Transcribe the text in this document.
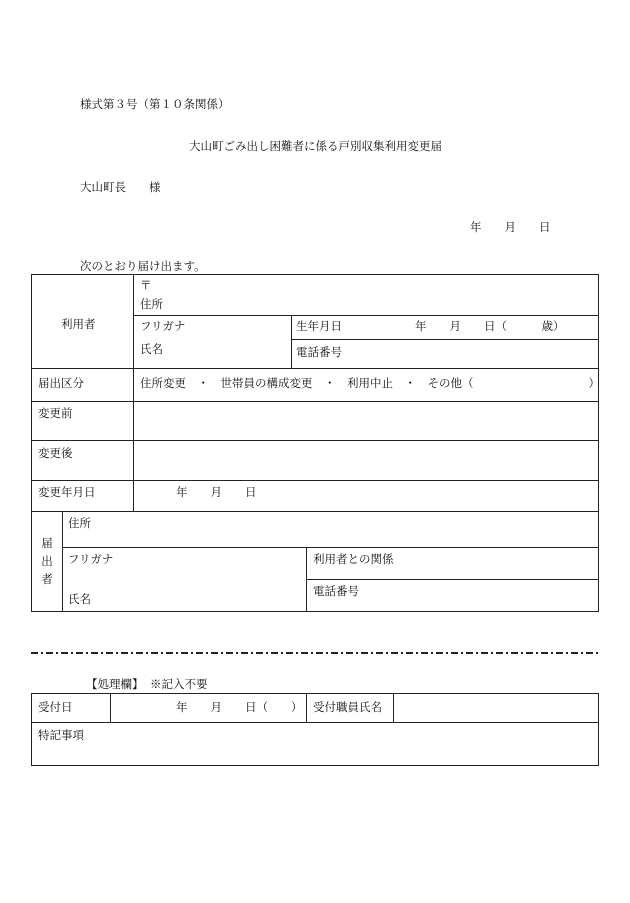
様式第３号（第１０条関係）
大山町ごみ出し困難者に係る戸別収集利用変更届
大山町長　　様
年　　月　　日
次のとおり届け出ます。
利用者
〒
住所
フリガナ
氏名
生年月日	年　　月　　日（　　　歳）
電話番号
届出区分	住所変更　・　世帯員の構成変更　・　利用中止　・　その他（　　　　　　　　　　）
変更前
変更後
変更年月日	年　　月　　日
届出者
住所
フリガナ
氏名
利用者との関係
電話番号
【処理欄】 ※記入不要
受付日	年　　月　　日（　　） 受付職員氏名
特記事項
